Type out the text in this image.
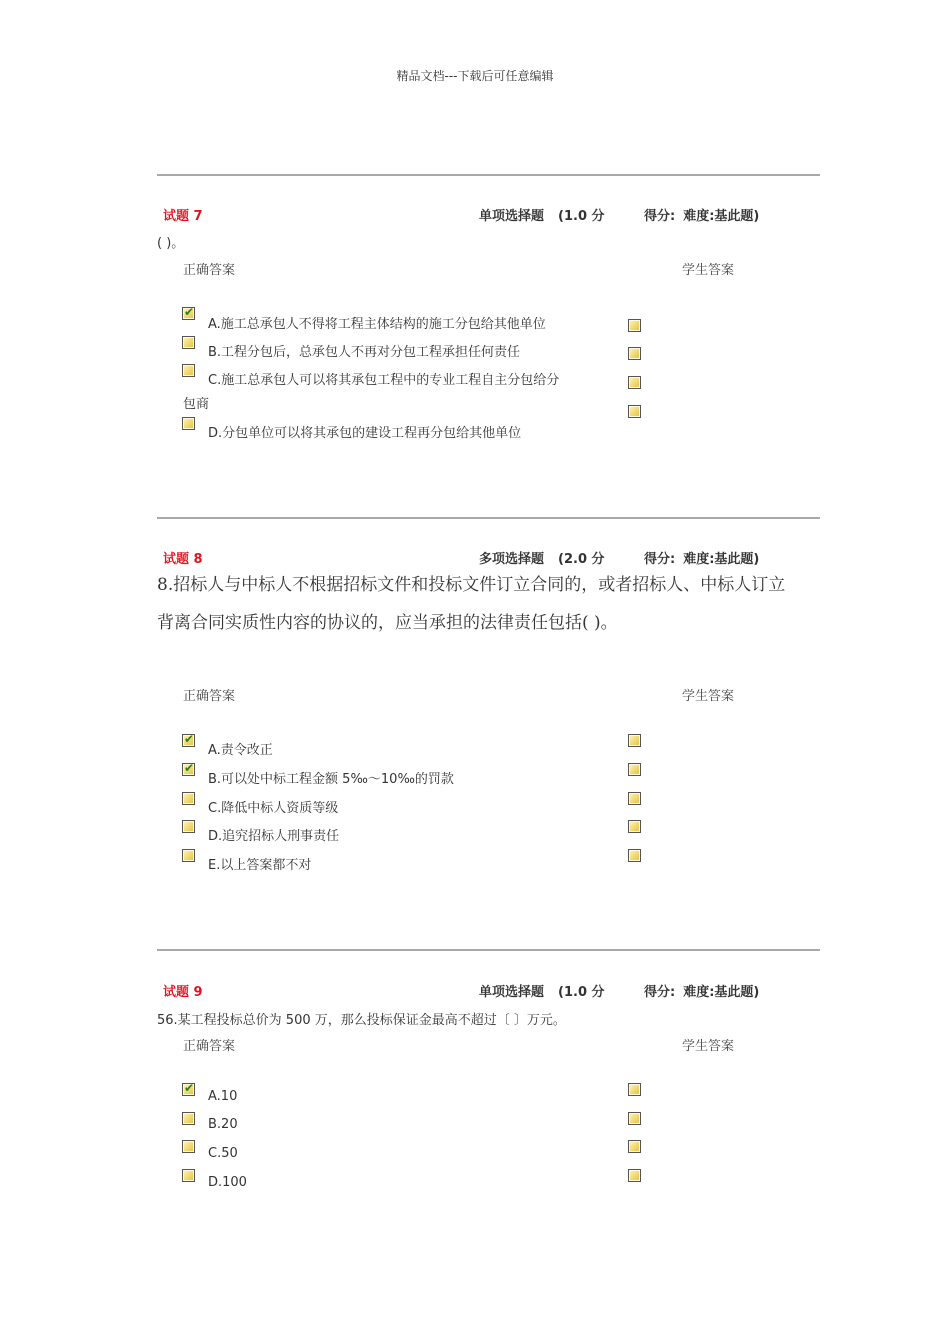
精品文档---下载后可任意编辑
试题 7	单项选择题 (1.0 分	得分: 难度:基此题)
( )。
正确答案	学生答案
✔
A.施工总承包人不得将工程主体结构的施工分包给其他单位
B.工程分包后，总承包人不再对分包工程承担任何责任
C.施工总承包人可以将其承包工程中的专业工程自主分包给分
包商
D.分包单位可以将其承包的建设工程再分包给其他单位
试题 8	多项选择题 (2.0 分	得分: 难度:基此题)
8.招标人与中标人不根据招标文件和投标文件订立合同的，或者招标人、中标人订立背离合同实质性内容的协议的，应当承担的法律责任包括( )。
正确答案	学生答案
✔
A.责令改正
✔
B.可以处中标工程金额 5‰～10‰的罚款
C.降低中标人资质等级
D.追究招标人刑事责任
E.以上答案都不对
试题 9	单项选择题 (1.0 分	得分: 难度:基此题)
56.某工程投标总价为 500 万，那么投标保证金最高不超过〔 〕万元。
正确答案	学生答案
✔
A.10
B.20
C.50
D.100
